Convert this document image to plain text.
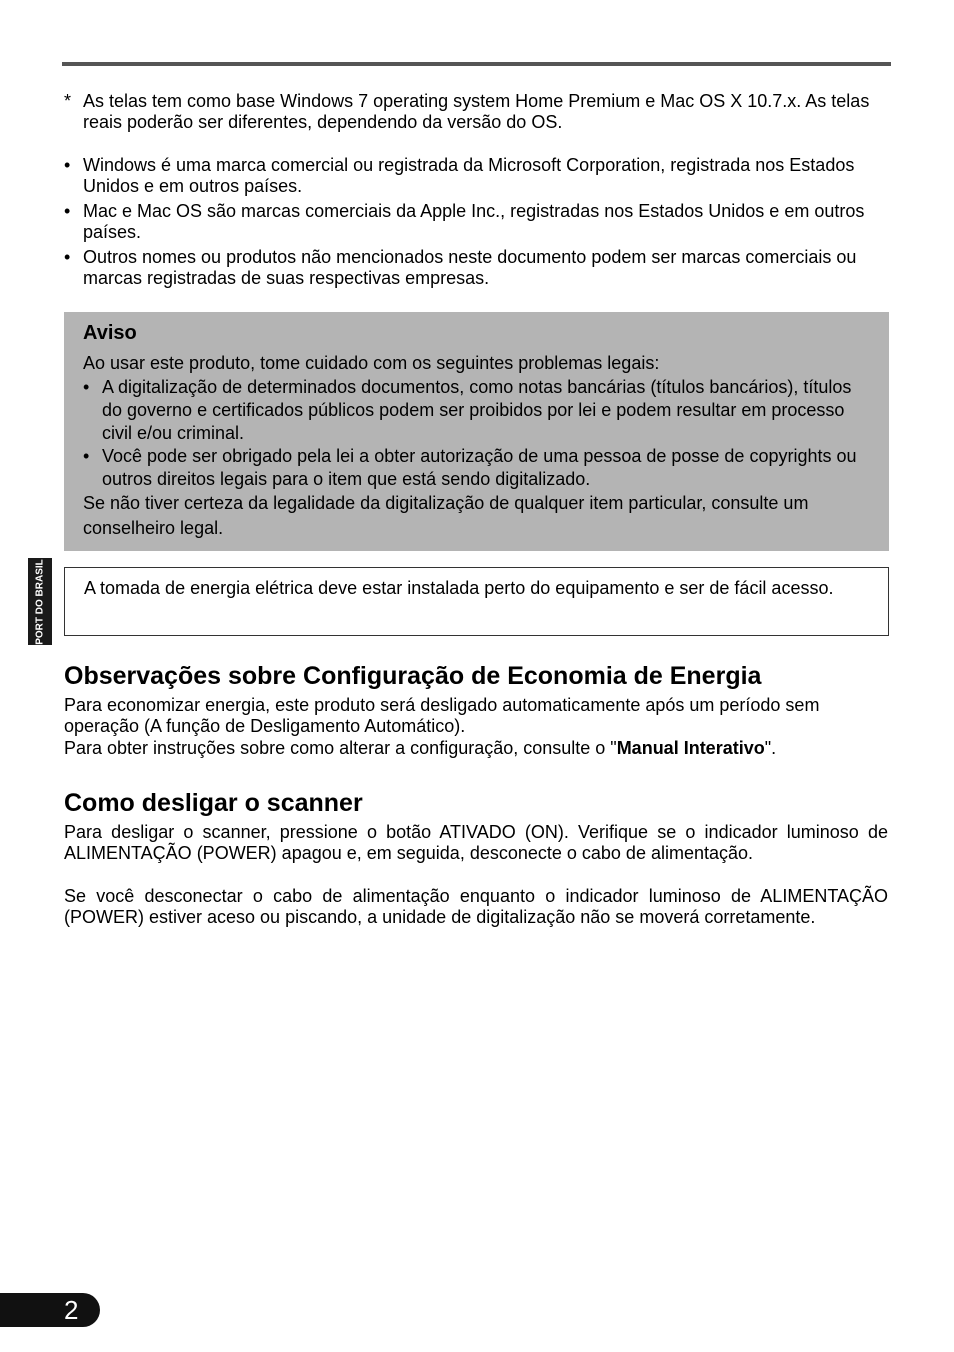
* As telas tem como base Windows 7 operating system Home Premium e Mac OS X 10.7.x. As telas reais poderão ser diferentes, dependendo da versão do OS.
• Windows é uma marca comercial ou registrada da Microsoft Corporation, registrada nos Estados Unidos e em outros países.
• Mac e Mac OS são marcas comerciais da Apple Inc., registradas nos Estados Unidos e em outros países.
• Outros nomes ou produtos não mencionados neste documento podem ser marcas comerciais ou marcas registradas de suas respectivas empresas.
Aviso
Ao usar este produto, tome cuidado com os seguintes problemas legais:
• A digitalização de determinados documentos, como notas bancárias (títulos bancários), títulos do governo e certificados públicos podem ser proibidos por lei e podem resultar em processo civil e/ou criminal.
• Você pode ser obrigado pela lei a obter autorização de uma pessoa de posse de copyrights ou outros direitos legais para o item que está sendo digitalizado.
Se não tiver certeza da legalidade da digitalização de qualquer item particular, consulte um conselheiro legal.
PORT DO BRASIL	A tomada de energia elétrica deve estar instalada perto do equipamento e ser de fácil acesso.
Observações sobre Configuração de Economia de Energia

Para economizar energia, este produto será desligado automaticamente após um período sem operação (A função de Desligamento Automático).

Para obter instruções sobre como alterar a configuração, consulte o "Manual Interativo".

Como desligar o scanner

Para desligar o scanner, pressione o botão ATIVADO (ON). Verifique se o indicador luminoso de ALIMENTAÇÃO (POWER) apagou e, em seguida, desconecte o cabo de alimentação.

Se você desconectar o cabo de alimentação enquanto o indicador luminoso de ALIMENTAÇÃO (POWER) estiver aceso ou piscando, a unidade de digitalização não se moverá corretamente.

2
